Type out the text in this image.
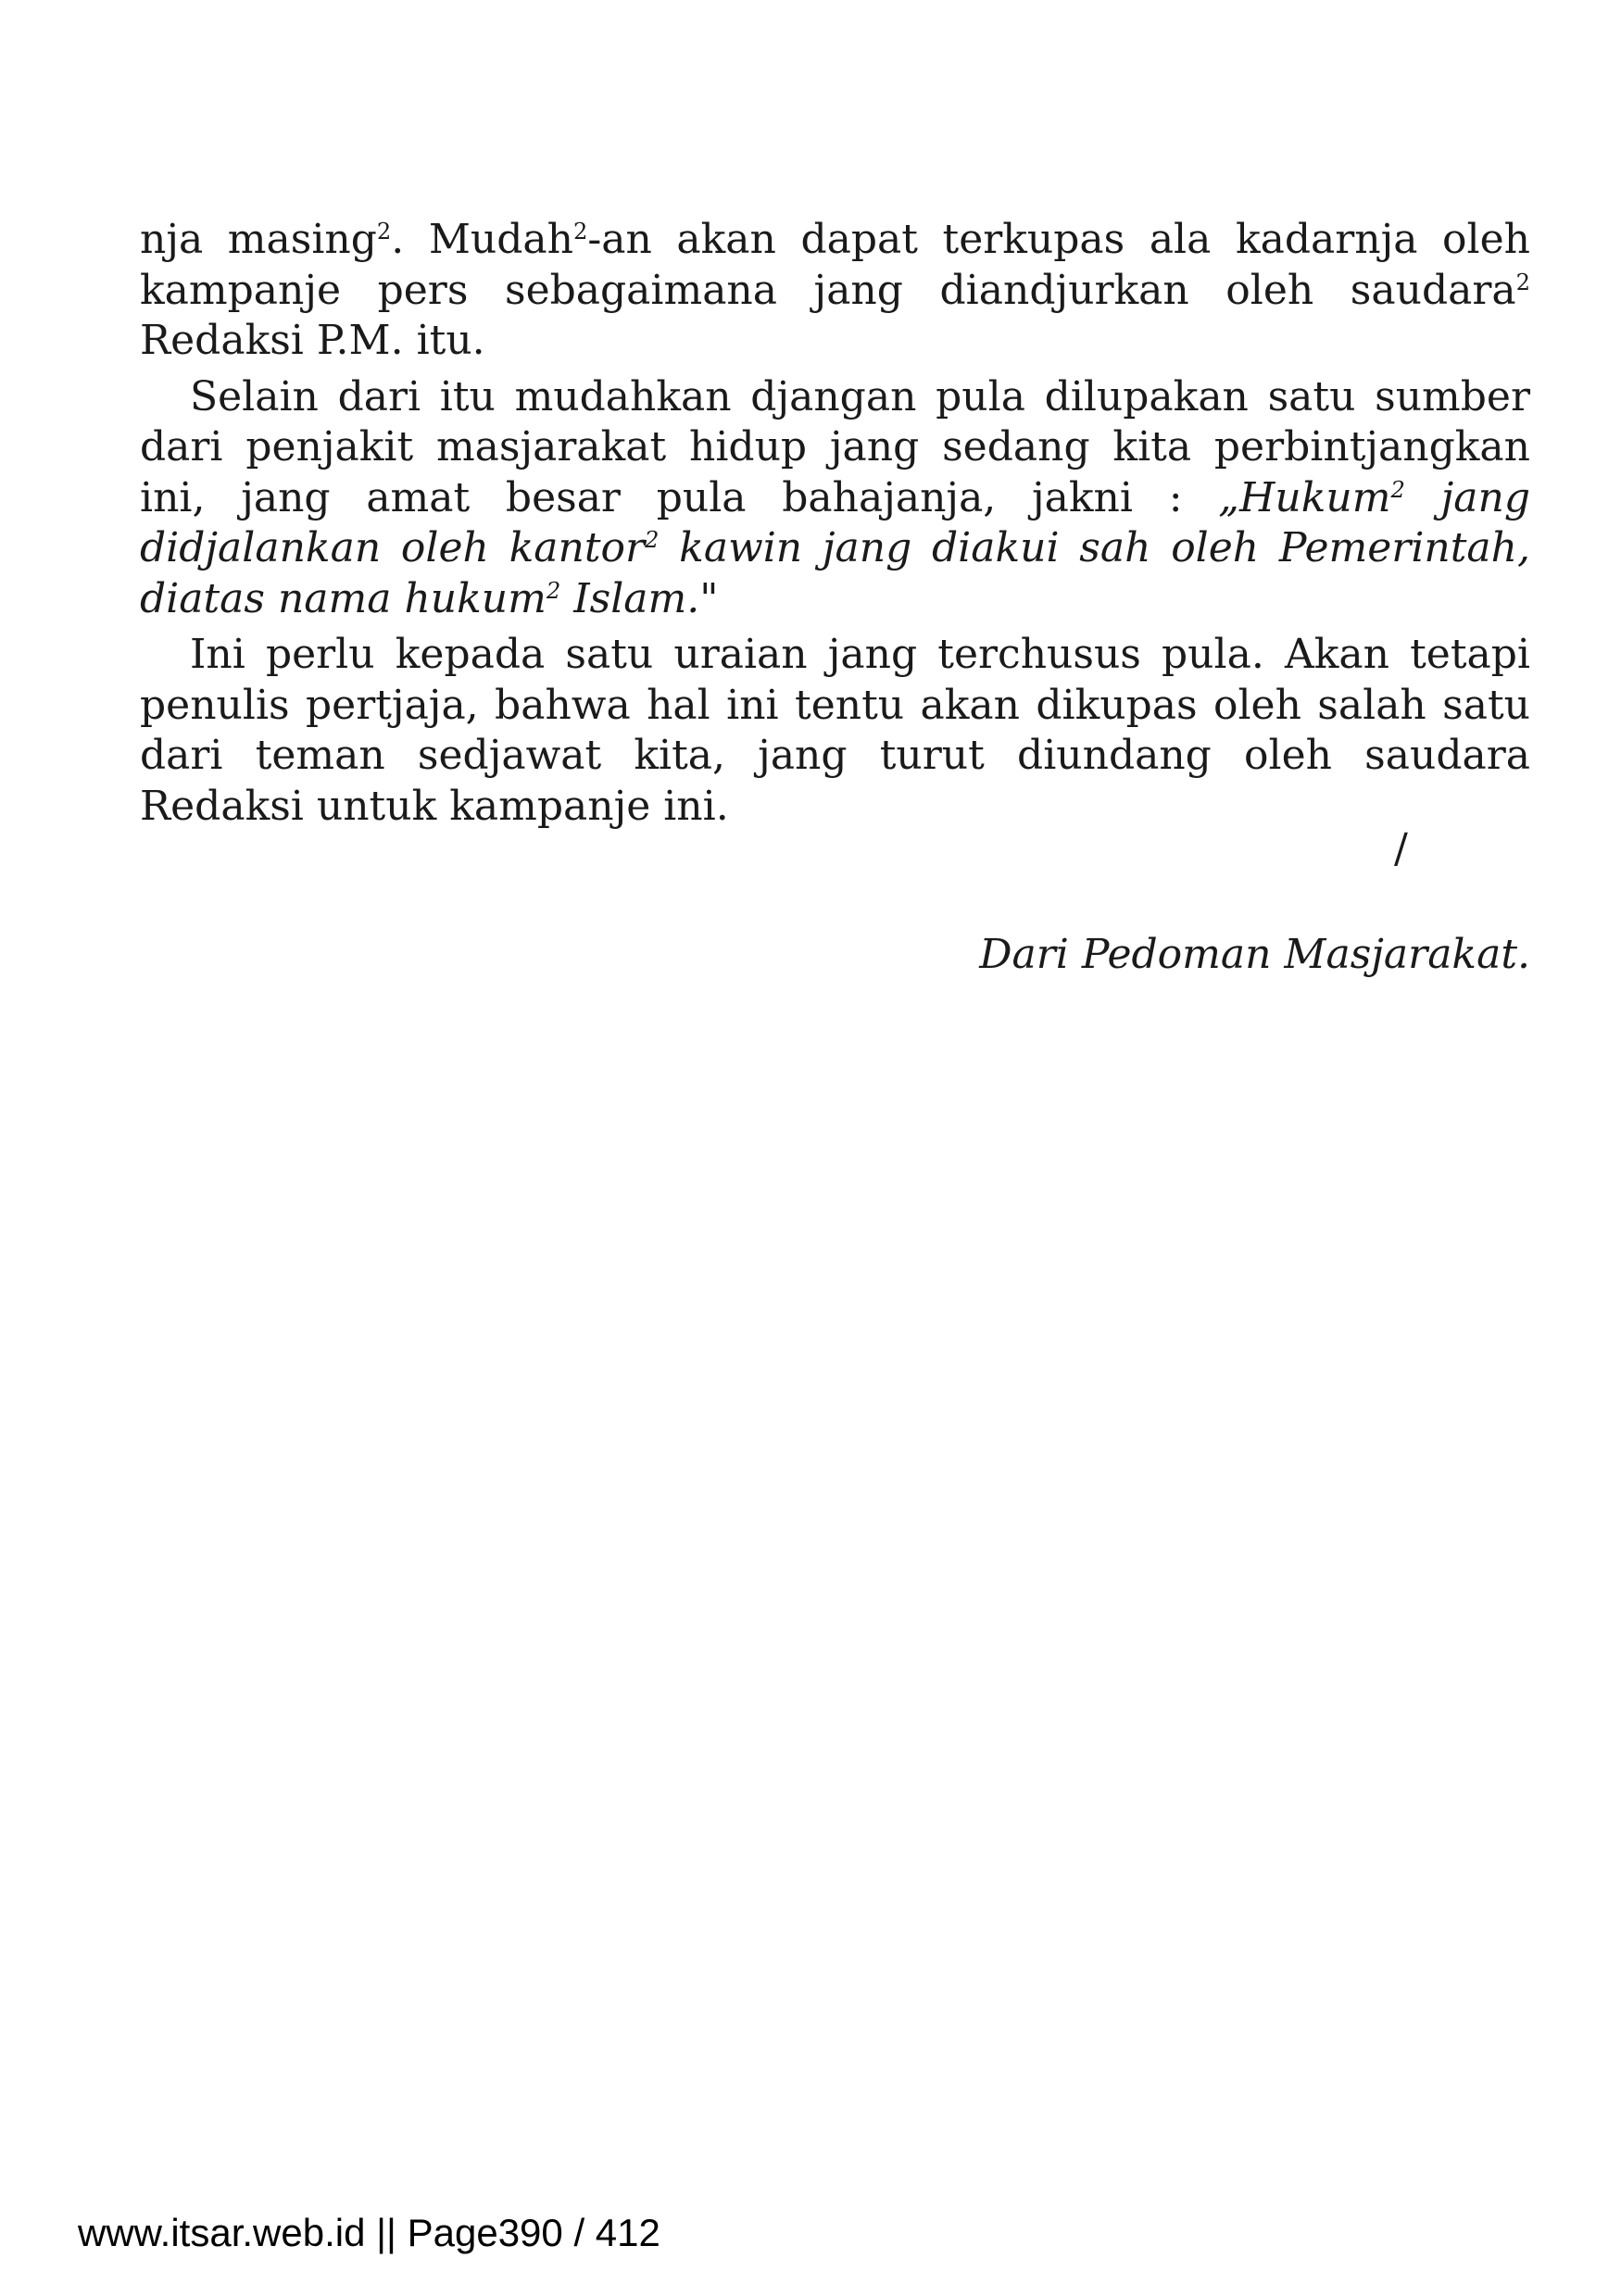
nja masing$^2$. Mudah$^2$-an akan dapat terkupas ala kadarnja oleh kampanje pers sebagaimana jang diandjurkan oleh saudara$^2$ Redaksi P.M. itu.

Selain dari itu mudahkan djangan pula dilupakan satu sumber dari penjakit masjarakat hidup jang sedang kita perbintjangkan ini, jang amat besar pula bahajanja, jakni : „Hukum$^2$ jang didjalankan oleh kantor$^2$ kawin jang diakui sah oleh Pemerintah, diatas nama hukum$^2$ Islam."

Ini perlu kepada satu uraian jang terchusus pula. Akan tetapi penulis pertjaja, bahwa hal ini tentu akan dikupas oleh salah satu dari teman sedjawat kita, jang turut diundang oleh saudara Redaksi untuk kampanje ini.

/
Dari Pedoman Masjarakat.
www.itsar.web.id || Page390 / 412
